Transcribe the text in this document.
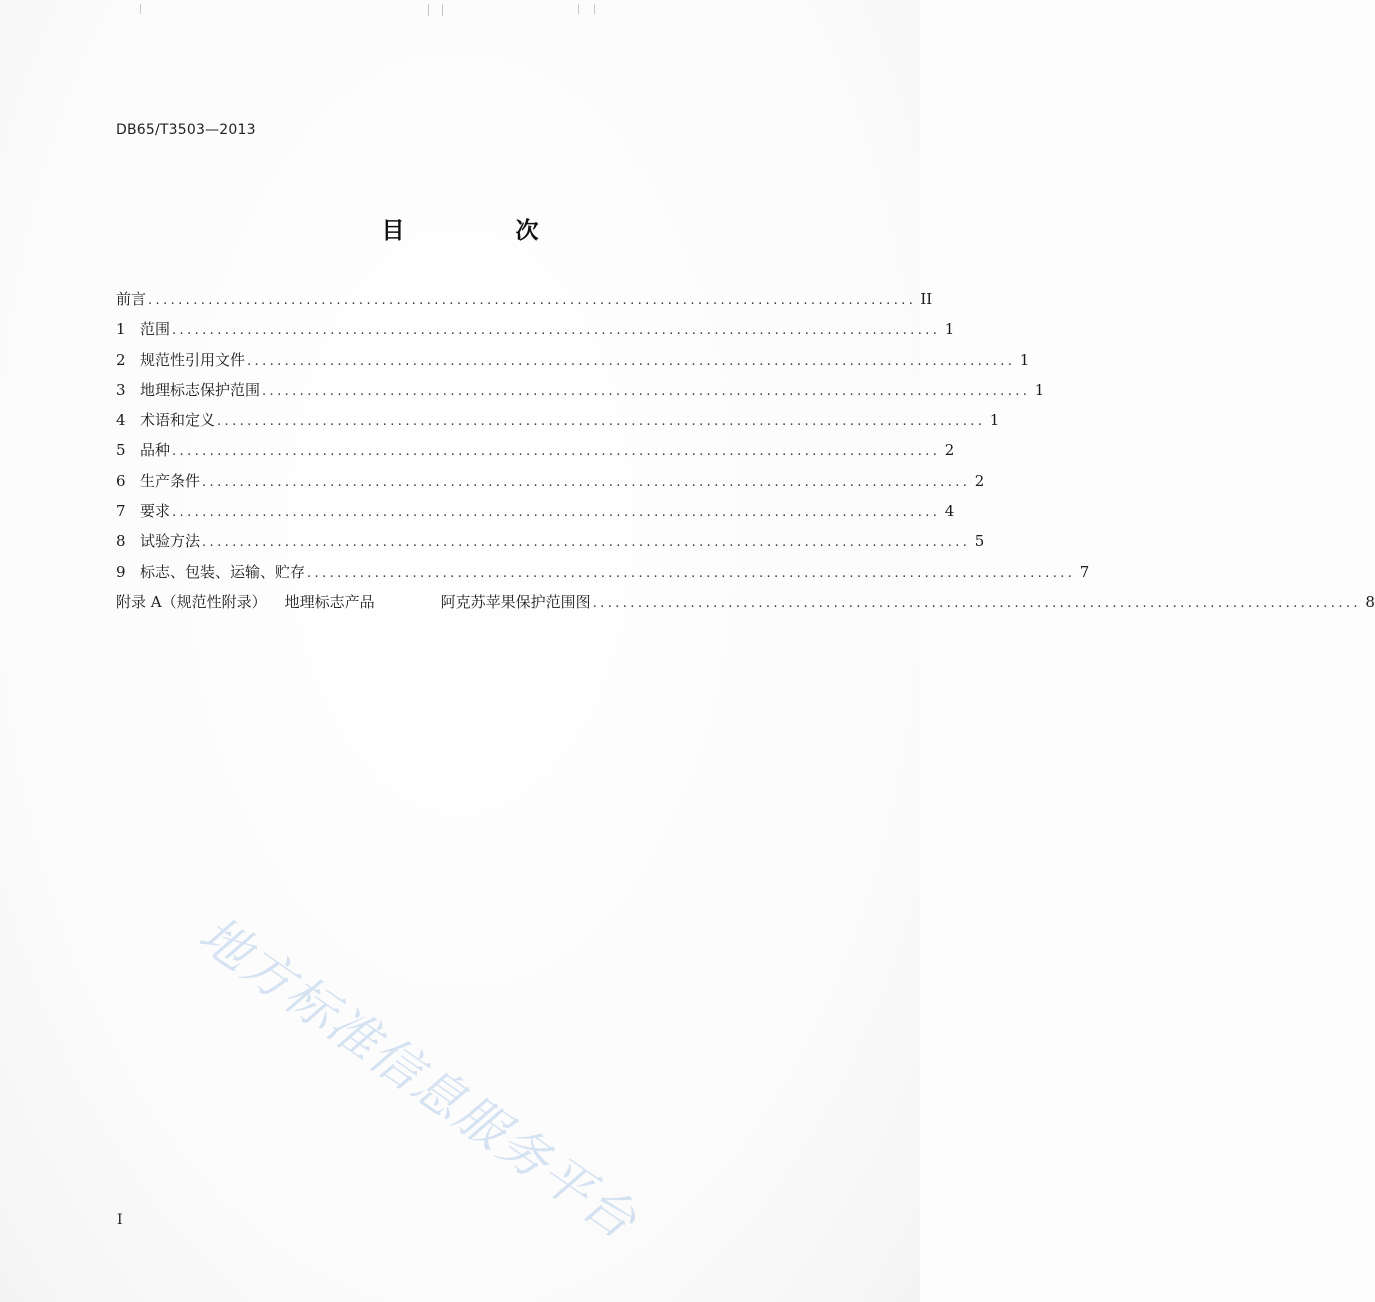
DB65/T3503—2013
目　次
前言 ...................................................................................................... II
1 范围 ...................................................................................................... 1
2 规范性引用文件 ...................................................................................................... 1
3 地理标志保护范围 ...................................................................................................... 1
4 术语和定义 ...................................................................................................... 1
5 品种 ...................................................................................................... 2
6 生产条件 ...................................................................................................... 2
7 要求 ...................................................................................................... 4
8 试验方法 ...................................................................................................... 5
9 标志、包装、运输、贮存 ...................................................................................................... 7
附录 A（规范性附录） 地理标志产品	阿克苏苹果保护范围图 ...................................................................................................... 8
地方标准信息服务平台
I
